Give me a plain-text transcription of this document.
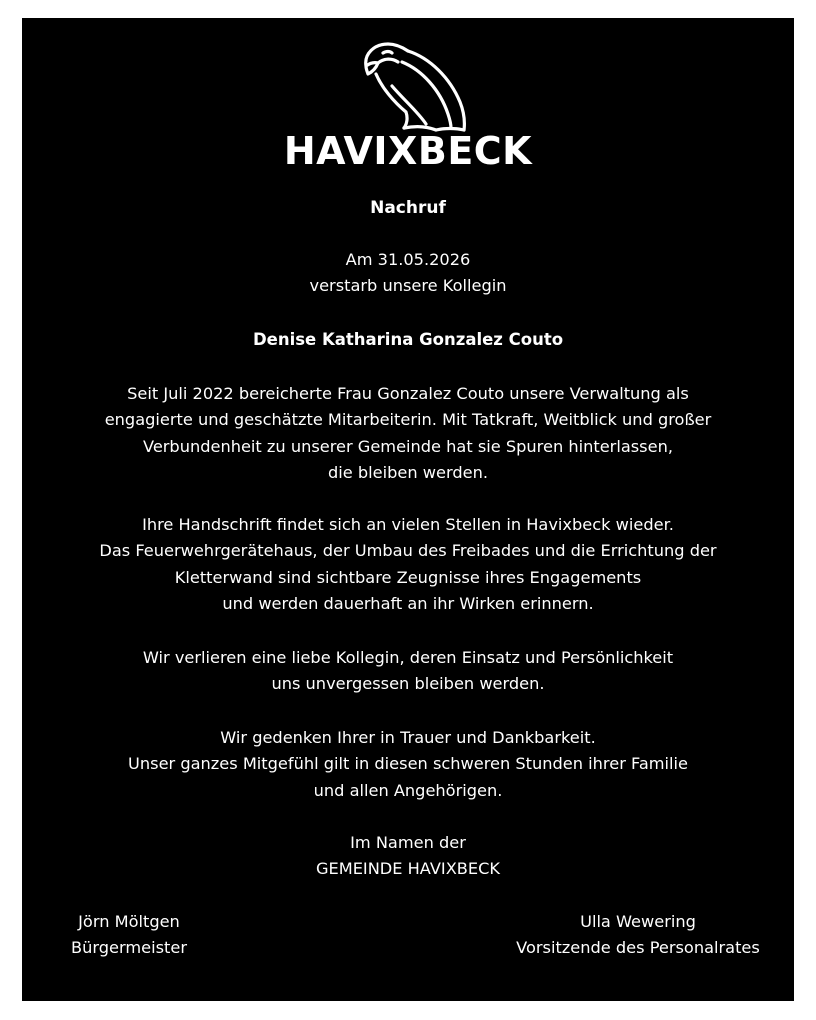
HAVIXBECK
Nachruf
Am 31.05.2026
verstarb unsere Kollegin
Denise Katharina Gonzalez Couto
Seit Juli 2022 bereicherte Frau Gonzalez Couto unsere Verwaltung als
engagierte und geschätzte Mitarbeiterin. Mit Tatkraft, Weitblick und großer
Verbundenheit zu unserer Gemeinde hat sie Spuren hinterlassen,
die bleiben werden.
Ihre Handschrift findet sich an vielen Stellen in Havixbeck wieder.
Das Feuerwehrgerätehaus, der Umbau des Freibades und die Errichtung der
Kletterwand sind sichtbare Zeugnisse ihres Engagements
und werden dauerhaft an ihr Wirken erinnern.
Wir verlieren eine liebe Kollegin, deren Einsatz und Persönlichkeit
uns unvergessen bleiben werden.
Wir gedenken Ihrer in Trauer und Dankbarkeit.
Unser ganzes Mitgefühl gilt in diesen schweren Stunden ihrer Familie
und allen Angehörigen.
Im Namen der
GEMEINDE HAVIXBECK
Jörn Möltgen
Bürgermeister
Ulla Wewering
Vorsitzende des Personalrates
